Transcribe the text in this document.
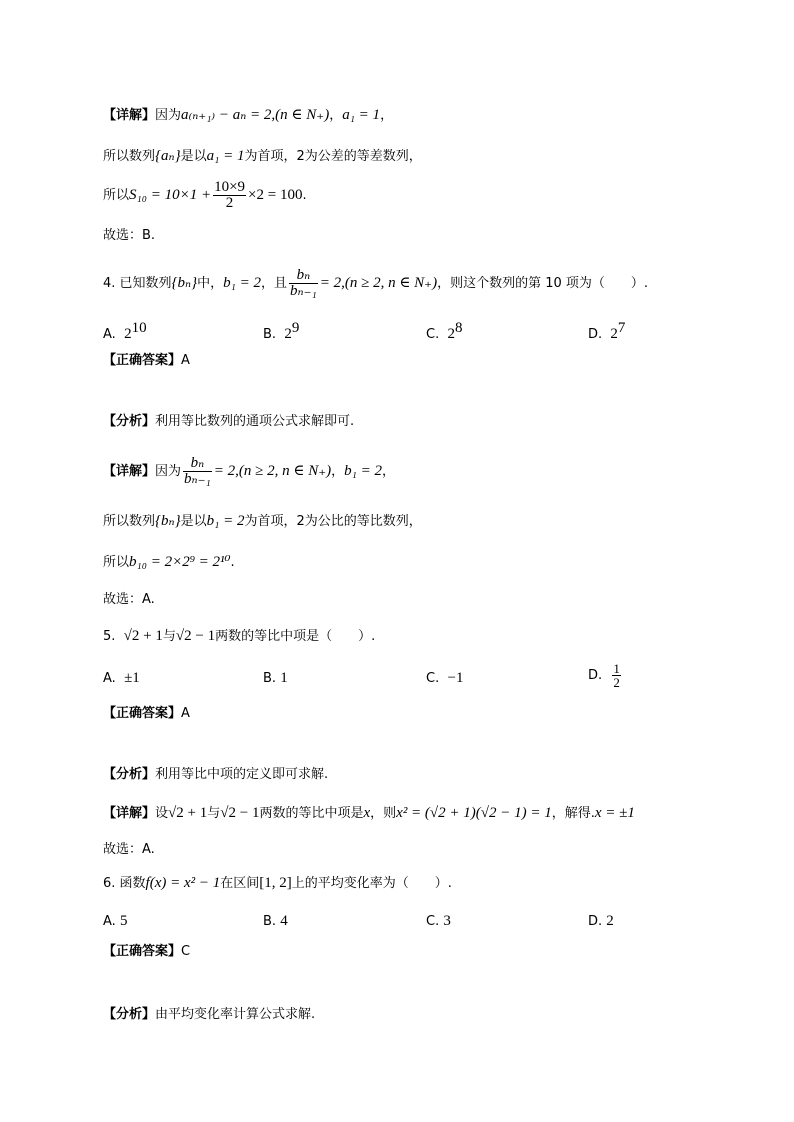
【详解】因为a₍ₙ₊₁₎ − aₙ = 2,(n ∈ N₊)，a₁ = 1，
所以数列{aₙ}是以a₁ = 1为首项，2为公差的等差数列，
所以$S_{10} = 10\times 1 + \frac{10\times 9}{2} \times 2 = 100$.
故选：B.
4. 已知数列{bₙ}中，b₁ = 2，且 $\frac{\text{bₙ}}{\text{bₙ₋₁}} = 2,(n \ge 2$, n ∈ N₊)，则这个数列的第 10 项为（　　）.
A. $2^{10}$	B. $2^9$	C. $2^8$	D. $2^7$
【正确答案】A
【分析】利用等比数列的通项公式求解即可.
【详解】因为 $\frac{\text{bₙ}}{\text{bₙ₋₁}} = 2,(n \ge 2$, n ∈ N₊)，b₁ = 2，
所以数列{bₙ}是以b₁ = 2为首项，2为公比的等比数列，
所以b₁₀ = 2×2⁹ = 2¹⁰.
故选：A.
5. √2 + 1与√2 − 1两数的等比中项是（　　）.
A. ±1	B. 1	C. −1	D. $\frac{1}{2}$
【正确答案】A
【分析】利用等比中项的定义即可求解.
【详解】设√2 + 1与√2 − 1两数的等比中项是x，则x² = (√2 + 1)(√2 − 1) = 1，解得.x = ±1
故选：A.
6. 函数f(x) = x² − 1在区间[1, 2]上的平均变化率为（　　）.
A. 5	B. 4	C. 3	D. 2
【正确答案】C
【分析】由平均变化率计算公式求解.
